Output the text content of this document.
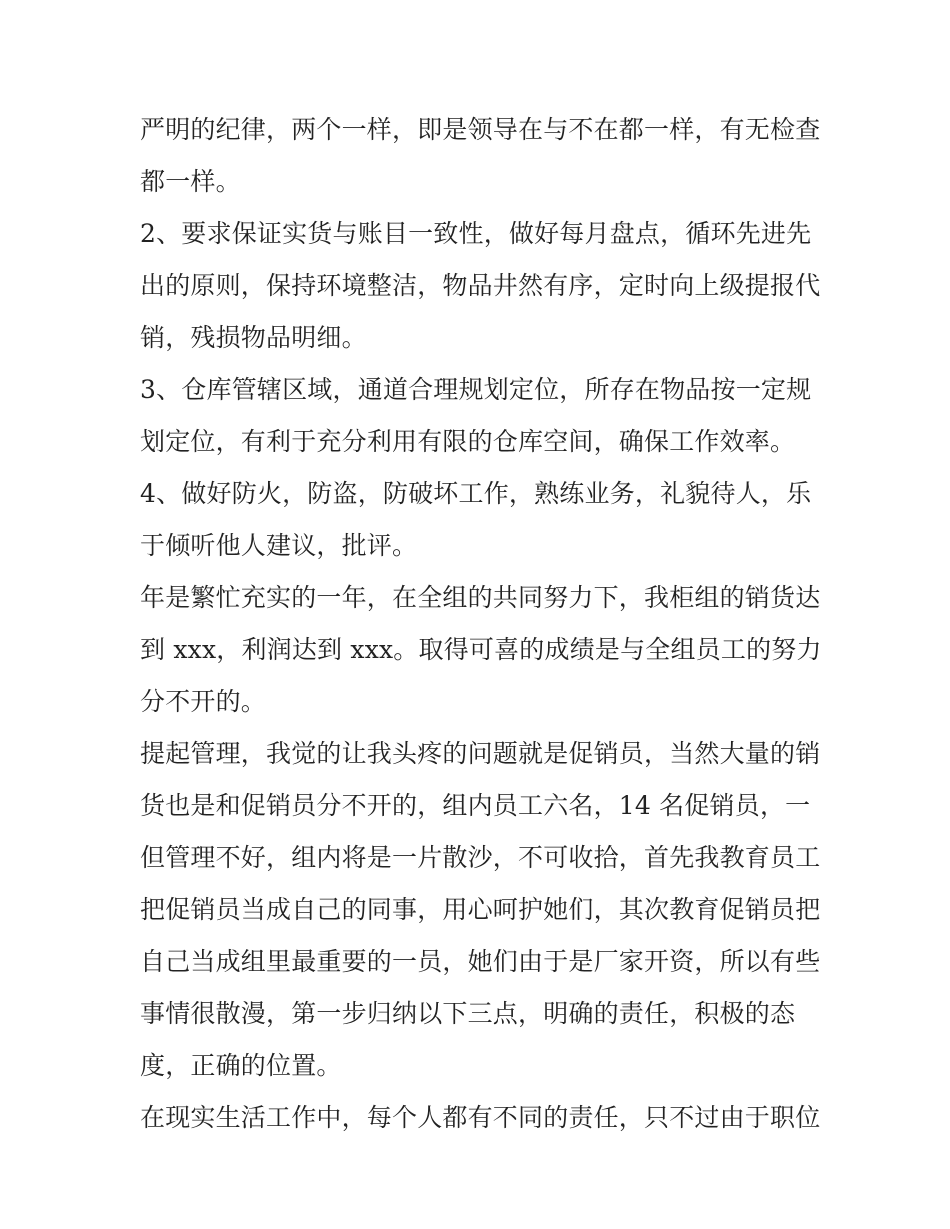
严明的纪律，两个一样，即是领导在与不在都一样，有无检查
都一样。
2、要求保证实货与账目一致性，做好每月盘点，循环先进先
出的原则，保持环境整洁，物品井然有序，定时向上级提报代
销，残损物品明细。
3、仓库管辖区域，通道合理规划定位，所存在物品按一定规
划定位，有利于充分利用有限的仓库空间，确保工作效率。
4、做好防火，防盗，防破坏工作，熟练业务，礼貌待人，乐
于倾听他人建议，批评。
年是繁忙充实的一年，在全组的共同努力下，我柜组的销货达
到 xxx，利润达到 xxx。取得可喜的成绩是与全组员工的努力
分不开的。
提起管理，我觉的让我头疼的问题就是促销员，当然大量的销
货也是和促销员分不开的，组内员工六名，14 名促销员，一
但管理不好，组内将是一片散沙，不可收拾，首先我教育员工
把促销员当成自己的同事，用心呵护她们，其次教育促销员把
自己当成组里最重要的一员，她们由于是厂家开资，所以有些
事情很散漫，第一步归纳以下三点，明确的责任，积极的态
度，正确的位置。
在现实生活工作中，每个人都有不同的责任，只不过由于职位
